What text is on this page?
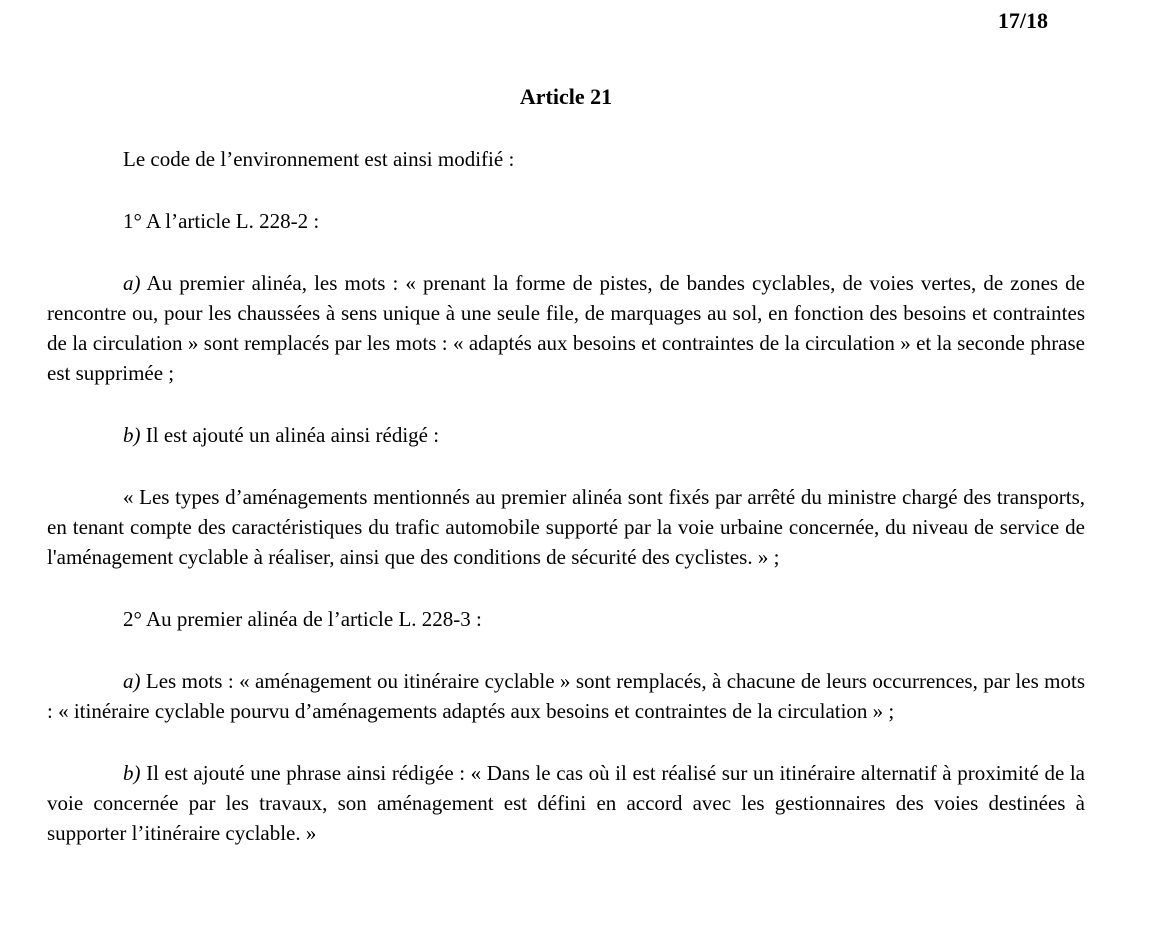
17/18
Article 21

Le code de l’environnement est ainsi modifié :

1° A l’article L. 228-2 :

a) Au premier alinéa, les mots : « prenant la forme de pistes, de bandes cyclables, de voies vertes, de zones de rencontre ou, pour les chaussées à sens unique à une seule file, de marquages au sol, en fonction des besoins et contraintes de la circulation » sont remplacés par les mots : « adaptés aux besoins et contraintes de la circulation » et la seconde phrase est supprimée ;

b) Il est ajouté un alinéa ainsi rédigé :

« Les types d’aménagements mentionnés au premier alinéa sont fixés par arrêté du ministre chargé des transports, en tenant compte des caractéristiques du trafic automobile supporté par la voie urbaine concernée, du niveau de service de l'aménagement cyclable à réaliser, ainsi que des conditions de sécurité des cyclistes. » ;

2° Au premier alinéa de l’article L. 228-3 :

a) Les mots : « aménagement ou itinéraire cyclable » sont remplacés, à chacune de leurs occurrences, par les mots : « itinéraire cyclable pourvu d’aménagements adaptés aux besoins et contraintes de la circulation » ;

b) Il est ajouté une phrase ainsi rédigée : « Dans le cas où il est réalisé sur un itinéraire alternatif à proximité de la voie concernée par les travaux, son aménagement est défini en accord avec les gestionnaires des voies destinées à supporter l’itinéraire cyclable. »
